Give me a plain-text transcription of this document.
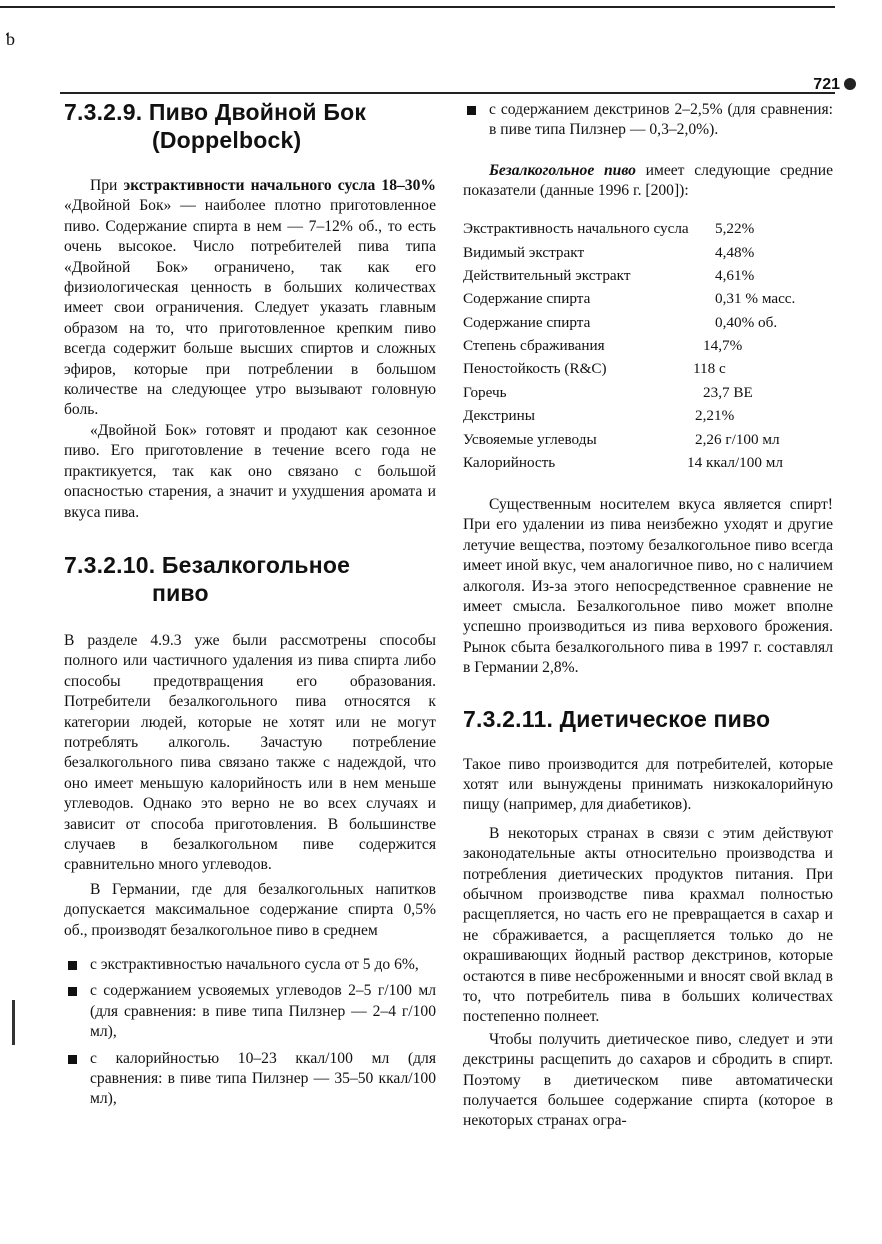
ƅ
721
7.3.2.9. Пиво Двойной Бок
(Doppelbock)

При экстрактивности начального сусла 18–30% «Двойной Бок» — наиболее плотно приготовленное пиво. Содержание спирта в нем — 7–12% об., то есть очень высокое. Число потребителей пива типа «Двойной Бок» ограничено, так как его физиологическая ценность в больших количествах имеет свои ограничения. Следует указать главным образом на то, что приготовленное крепким пиво всегда содержит больше высших спиртов и сложных эфиров, которые при потреблении в большом количестве на следующее утро вызывают головную боль.

«Двойной Бок» готовят и продают как сезонное пиво. Его приготовление в течение всего года не практикуется, так как оно связано с большой опасностью старения, а значит и ухудшения аромата и вкуса пива.

7.3.2.10. Безалкогольное
пиво

В разделе 4.9.3 уже были рассмотрены способы полного или частичного удаления из пива спирта либо способы предотвращения его образования. Потребители безалкогольного пива относятся к категории людей, которые не хотят или не могут потреблять алкоголь. Зачастую потребление безалкогольного пива связано также с надеждой, что оно имеет меньшую калорийность или в нем меньше углеводов. Однако это верно не во всех случаях и зависит от способа приготовления. В большинстве случаев в безалкогольном пиве содержится сравнительно много углеводов.

В Германии, где для безалкогольных напитков допускается максимальное содержание спирта 0,5% об., производят безалкогольное пиво в среднем

с экстрактивностью начального сусла от 5 до 6%,
с содержанием усвояемых углеводов 2–5 г/100 мл (для сравнения: в пиве типа Пилзнер — 2–4 г/100 мл),
с калорийностью 10–23 ккал/100 мл (для сравнения: в пиве типа Пилзнер — 35–50 ккал/100 мл),
с содержанием декстринов 2–2,5% (для сравнения: в пиве типа Пилзнер — 0,3–2,0%).

Безалкогольное пиво имеет следующие средние показатели (данные 1996 г. [200]):

Экстрактивность начального сусла	5,22%
Видимый экстракт	4,48%
Действительный экстракт	4,61%
Содержание спирта	0,31 % масс.
Содержание спирта	0,40% об.
Степень сбраживания	14,7%
Пеностойкость (R&C)	118 с
Горечь	23,7 BE
Декстрины	2,21%
Усвояемые углеводы	2,26 г/100 мл
Калорийность	14 ккал/100 мл

Существенным носителем вкуса является спирт! При его удалении из пива неизбежно уходят и другие летучие вещества, поэтому безалкогольное пиво всегда имеет иной вкус, чем аналогичное пиво, но с наличием алкоголя. Из-за этого непосредственное сравнение не имеет смысла. Безалкогольное пиво может вполне успешно производиться из пива верхового брожения. Рынок сбыта безалкогольного пива в 1997 г. составлял в Германии 2,8%.

7.3.2.11. Диетическое пиво

Такое пиво производится для потребителей, которые хотят или вынуждены принимать низкокалорийную пищу (например, для диабетиков).

В некоторых странах в связи с этим действуют законодательные акты относительно производства и потребления диетических продуктов питания. При обычном производстве пива крахмал полностью расщепляется, но часть его не превращается в сахар и не сбраживается, а расщепляется только до не окрашивающих йодный раствор декстринов, которые остаются в пиве несброженными и вносят свой вклад в то, что потребитель пива в больших количествах постепенно полнеет.

Чтобы получить диетическое пиво, следует и эти декстрины расщепить до сахаров и сбродить в спирт. Поэтому в диетическом пиве автоматически получается большее содержание спирта (которое в некоторых странах огра-
